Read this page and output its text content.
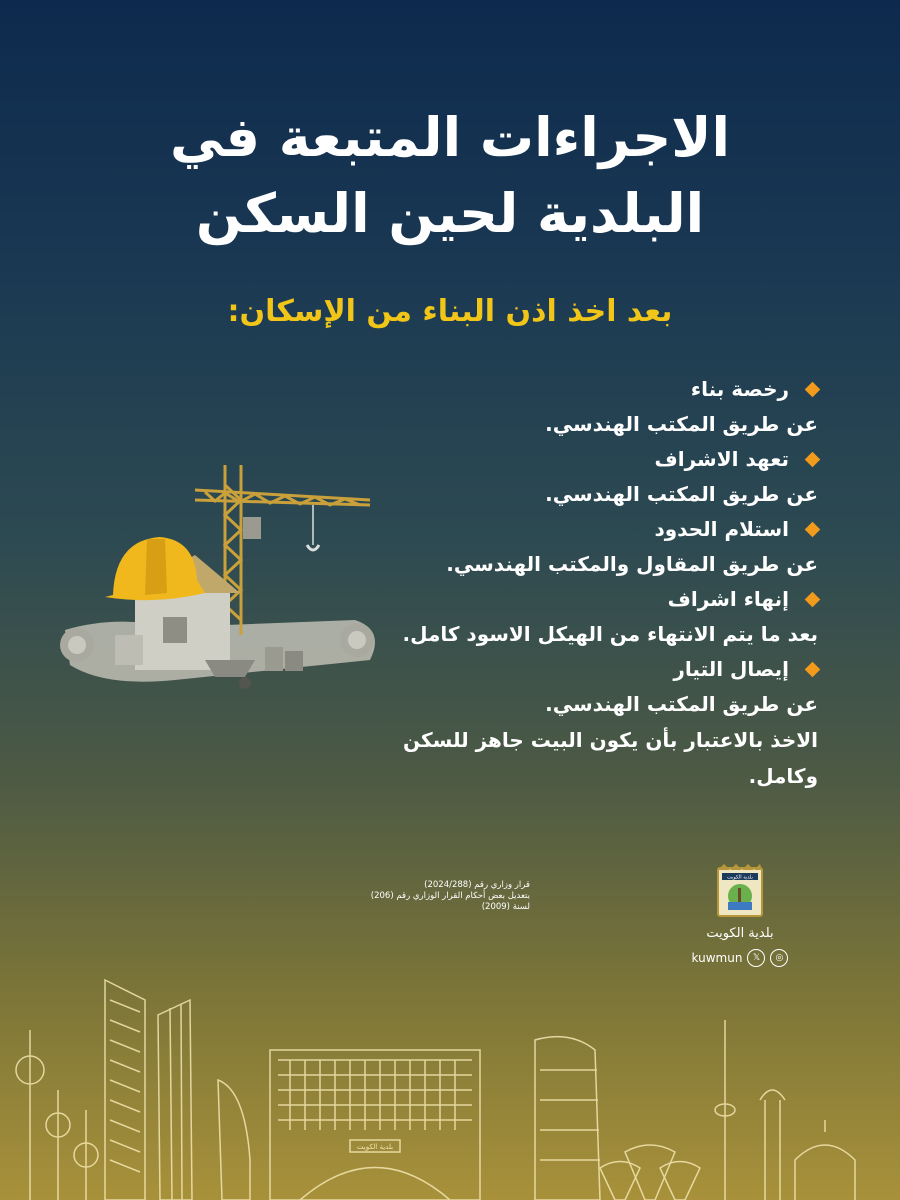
الاجراءات المتبعة في
البلدية لحين السكن
بعد اخذ اذن البناء من الإسكان:
رخصة بناء
عن طريق المكتب الهندسي.
تعهد الاشراف
عن طريق المكتب الهندسي.
استلام الحدود
عن طريق المقاول والمكتب الهندسي.
إنهاء اشراف
بعد ما يتم الانتهاء من الهيكل الاسود كامل.
إيصال التيار
عن طريق المكتب الهندسي.
الاخذ بالاعتبار بأن يكون البيت جاهز للسكن وكامل.
قرار وزاري رقم (2024/288)
بتعديل بعض أحكام القرار الوزاري رقم (206)
لسنة (2009)
بلدية الكويت
بلدية الكويت
kuwmun	𝕏	◎
بلدية الكويت
